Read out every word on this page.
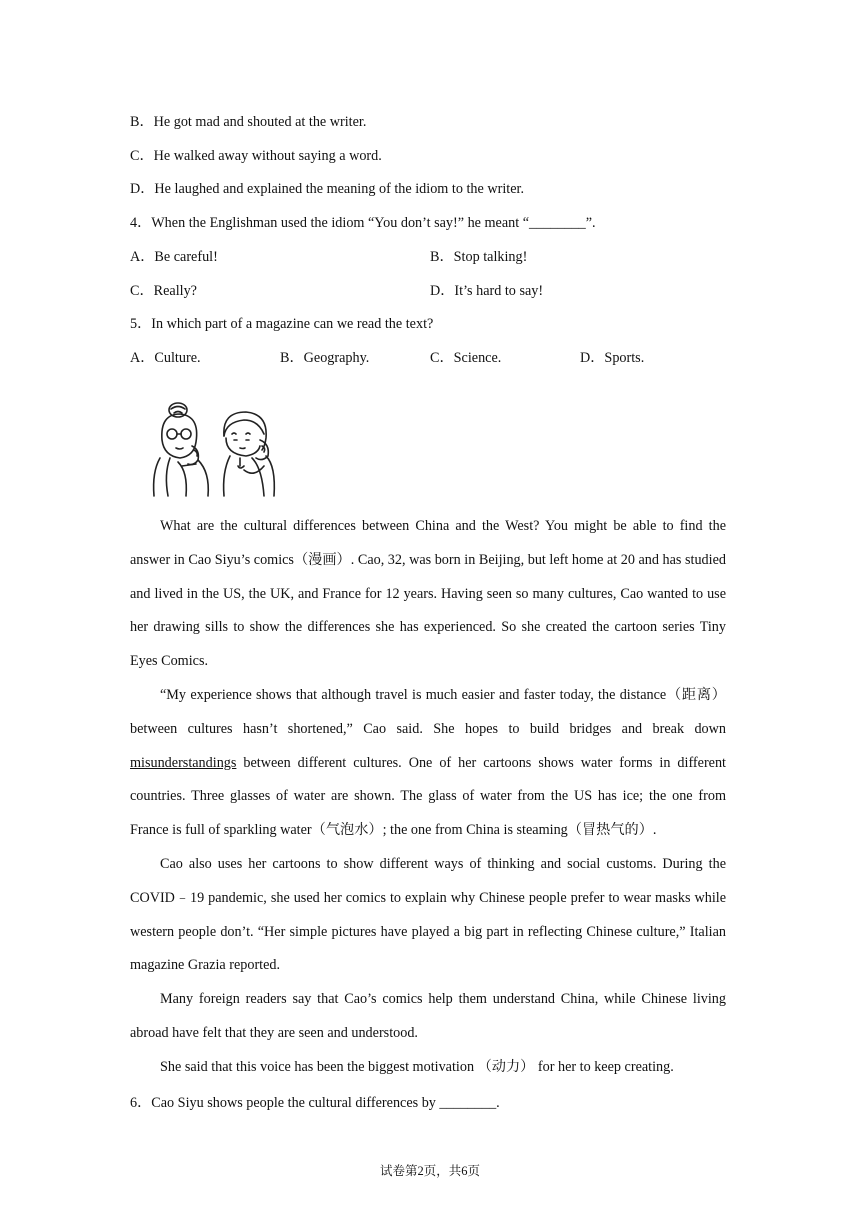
B．He got mad and shouted at the writer.
C．He walked away without saying a word.
D．He laughed and explained the meaning of the idiom to the writer.
4．When the Englishman used the idiom “You don’t say!” he meant “________”.
A．Be careful!	B．Stop talking!
C．Really?	D．It’s hard to say!
5．In which part of a magazine can we read the text?
A．Culture.	B．Geography.	C．Science.	D．Sports.
What are the cultural differences between China and the West? You might be able to find the answer in Cao Siyu’s comics（漫画）. Cao, 32, was born in Beijing, but left home at 20 and has studied and lived in the US, the UK, and France for 12 years. Having seen so many cultures, Cao wanted to use her drawing sills to show the differences she has experienced. So she created the cartoon series Tiny Eyes Comics.
“My experience shows that although travel is much easier and faster today, the distance（距离） between cultures hasn’t shortened,” Cao said. She hopes to build bridges and break down misunderstandings between different cultures. One of her cartoons shows water forms in different countries. Three glasses of water are shown. The glass of water from the US has ice; the one from France is full of sparkling water（气泡水）; the one from China is steaming（冒热气的）.
Cao also uses her cartoons to show different ways of thinking and social customs. During the COVID﹣19 pandemic, she used her comics to explain why Chinese people prefer to wear masks while western people don’t. “Her simple pictures have played a big part in reflecting Chinese culture,” Italian magazine Grazia reported.
Many foreign readers say that Cao’s comics help them understand China, while Chinese living abroad have felt that they are seen and understood.
She said that this voice has been the biggest motivation （动力） for her to keep creating.
6．Cao Siyu shows people the cultural differences by ________.
试卷第2页，共6页
